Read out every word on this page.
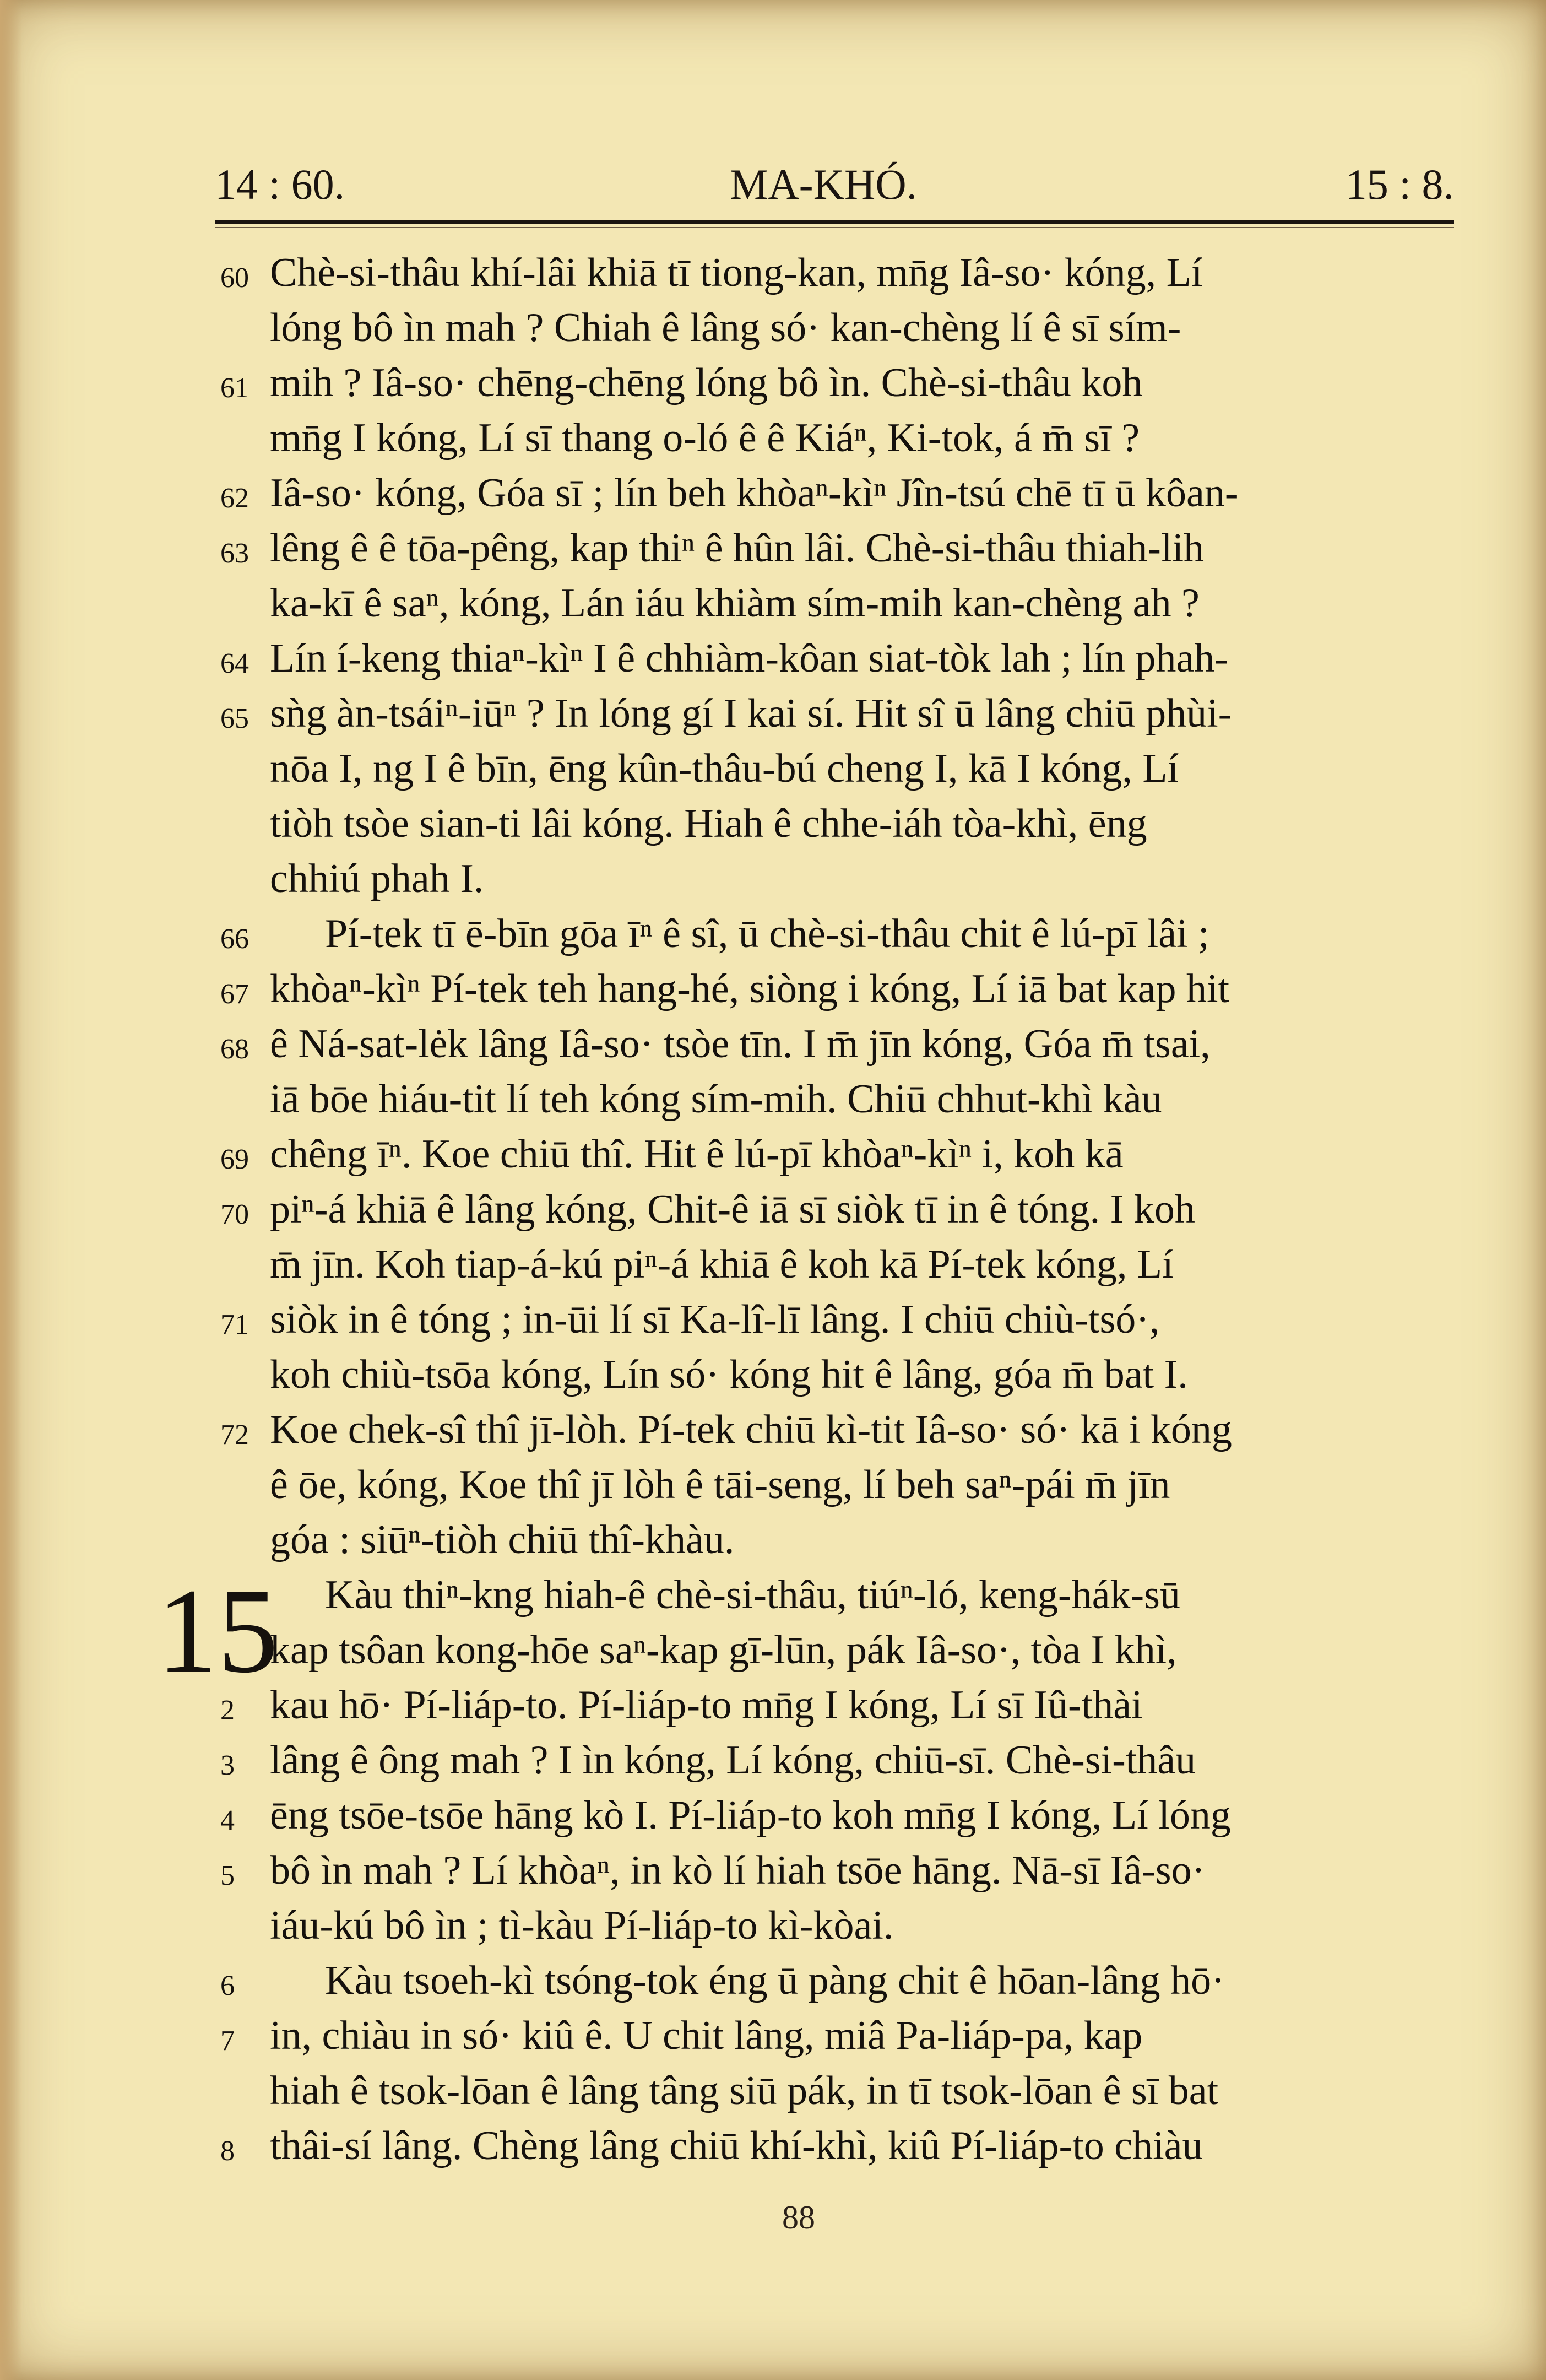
14 : 60.	MA-KHÓ.	15 : 8.
60
61
62
63
64
65
66
67
68
69
70
71
72
2
3
4
5
6
7
8
15
Chè-si-thâu khí-lâi khiā tī tiong-kan, mn̄g Iâ-so· kóng, Lí
lóng bô ìn mah ? Chiah ê lâng só· kan-chèng lí ê sī sím-
mih ? Iâ-so· chēng-chēng lóng bô ìn. Chè-si-thâu koh
mn̄g I kóng, Lí sī thang o-ló ê ê Kiáⁿ, Ki-tok, á m̄ sī ?
Iâ-so· kóng, Góa sī ; lín beh khòaⁿ-kìⁿ Jîn-tsú chē tī ū kôan-
lêng ê ê tōa-pêng, kap thiⁿ ê hûn lâi. Chè-si-thâu thiah-lih
ka-kī ê saⁿ, kóng, Lán iáu khiàm sím-mih kan-chèng ah ?
Lín í-keng thiaⁿ-kìⁿ I ê chhiàm-kôan siat-tòk lah ; lín phah-
sǹg àn-tsáiⁿ-iūⁿ ? In lóng gí I kai sí. Hit sî ū lâng chiū phùi-
nōa I, ng I ê bīn, ēng kûn-thâu-bú cheng I, kā I kóng, Lí
tiòh tsòe sian-ti lâi kóng. Hiah ê chhe-iáh tòa-khì, ēng
chhiú phah I.
Pí-tek tī ē-bīn gōa īⁿ ê sî, ū chè-si-thâu chit ê lú-pī lâi ;
khòaⁿ-kìⁿ Pí-tek teh hang-hé, siòng i kóng, Lí iā bat kap hit
ê Ná-sat-lėk lâng Iâ-so· tsòe tīn. I m̄ jīn kóng, Góa m̄ tsai,
iā bōe hiáu-tit lí teh kóng sím-mih. Chiū chhut-khì kàu
chêng īⁿ. Koe chiū thî. Hit ê lú-pī khòaⁿ-kìⁿ i, koh kā
piⁿ-á khiā ê lâng kóng, Chit-ê iā sī siòk tī in ê tóng. I koh
m̄ jīn. Koh tiap-á-kú piⁿ-á khiā ê koh kā Pí-tek kóng, Lí
siòk in ê tóng ; in-ūi lí sī Ka-lî-lī lâng. I chiū chiù-tsó·,
koh chiù-tsōa kóng, Lín só· kóng hit ê lâng, góa m̄ bat I.
Koe chek-sî thî jī-lòh. Pí-tek chiū kì-tit Iâ-so· só· kā i kóng
ê ōe, kóng, Koe thî jī lòh ê tāi-seng, lí beh saⁿ-pái m̄ jīn
góa : siūⁿ-tiòh chiū thî-khàu.
Kàu thiⁿ-kng hiah-ê chè-si-thâu, tiúⁿ-ló, keng-hák-sū
kap tsôan kong-hōe saⁿ-kap gī-lūn, pák Iâ-so·, tòa I khì,
kau hō· Pí-liáp-to. Pí-liáp-to mn̄g I kóng, Lí sī Iû-thài
lâng ê ông mah ? I ìn kóng, Lí kóng, chiū-sī. Chè-si-thâu
ēng tsōe-tsōe hāng kò I. Pí-liáp-to koh mn̄g I kóng, Lí lóng
bô ìn mah ? Lí khòaⁿ, in kò lí hiah tsōe hāng. Nā-sī Iâ-so·
iáu-kú bô ìn ; tì-kàu Pí-liáp-to kì-kòai.
Kàu tsoeh-kì tsóng-tok éng ū pàng chit ê hōan-lâng hō·
in, chiàu in só· kiû ê. U chit lâng, miâ Pa-liáp-pa, kap
hiah ê tsok-lōan ê lâng tâng siū pák, in tī tsok-lōan ê sī bat
thâi-sí lâng. Chèng lâng chiū khí-khì, kiû Pí-liáp-to chiàu
88
